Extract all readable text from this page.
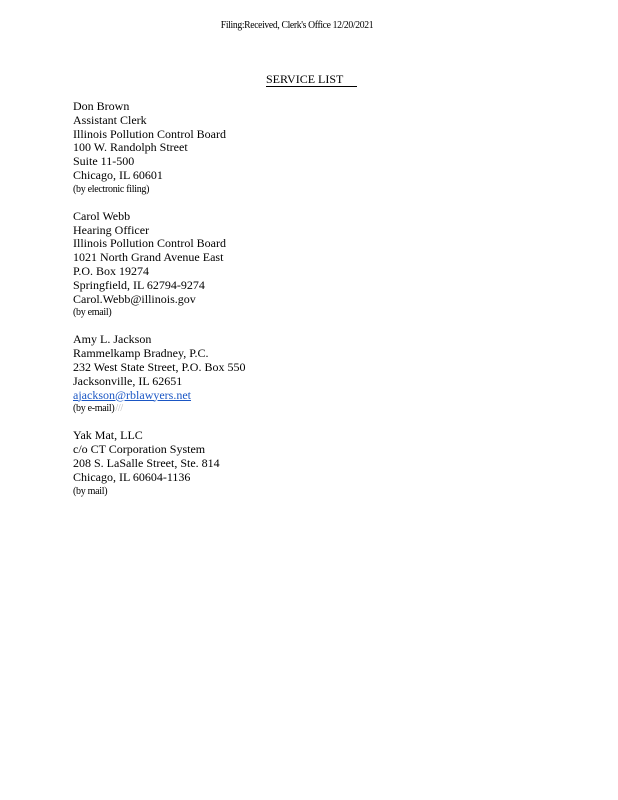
Filing:Received, Clerk's Office 12/20/2021
SERVICE LIST
Don Brown
Assistant Clerk
Illinois Pollution Control Board
100 W. Randolph Street
Suite 11-500
Chicago, IL 60601
(by electronic filing)
Carol Webb
Hearing Officer
Illinois Pollution Control Board
1021 North Grand Avenue East
P.O. Box 19274
Springfield, IL 62794-9274
Carol.Webb@illinois.gov
(by email)
Amy L. Jackson
Rammelkamp Bradney, P.C.
232 West State Street, P.O. Box 550
Jacksonville, IL 62651
ajackson@rblawyers.net
(by e-mail)///
Yak Mat, LLC
c/o CT Corporation System
208 S. LaSalle Street, Ste. 814
Chicago, IL 60604-1136
(by mail)
